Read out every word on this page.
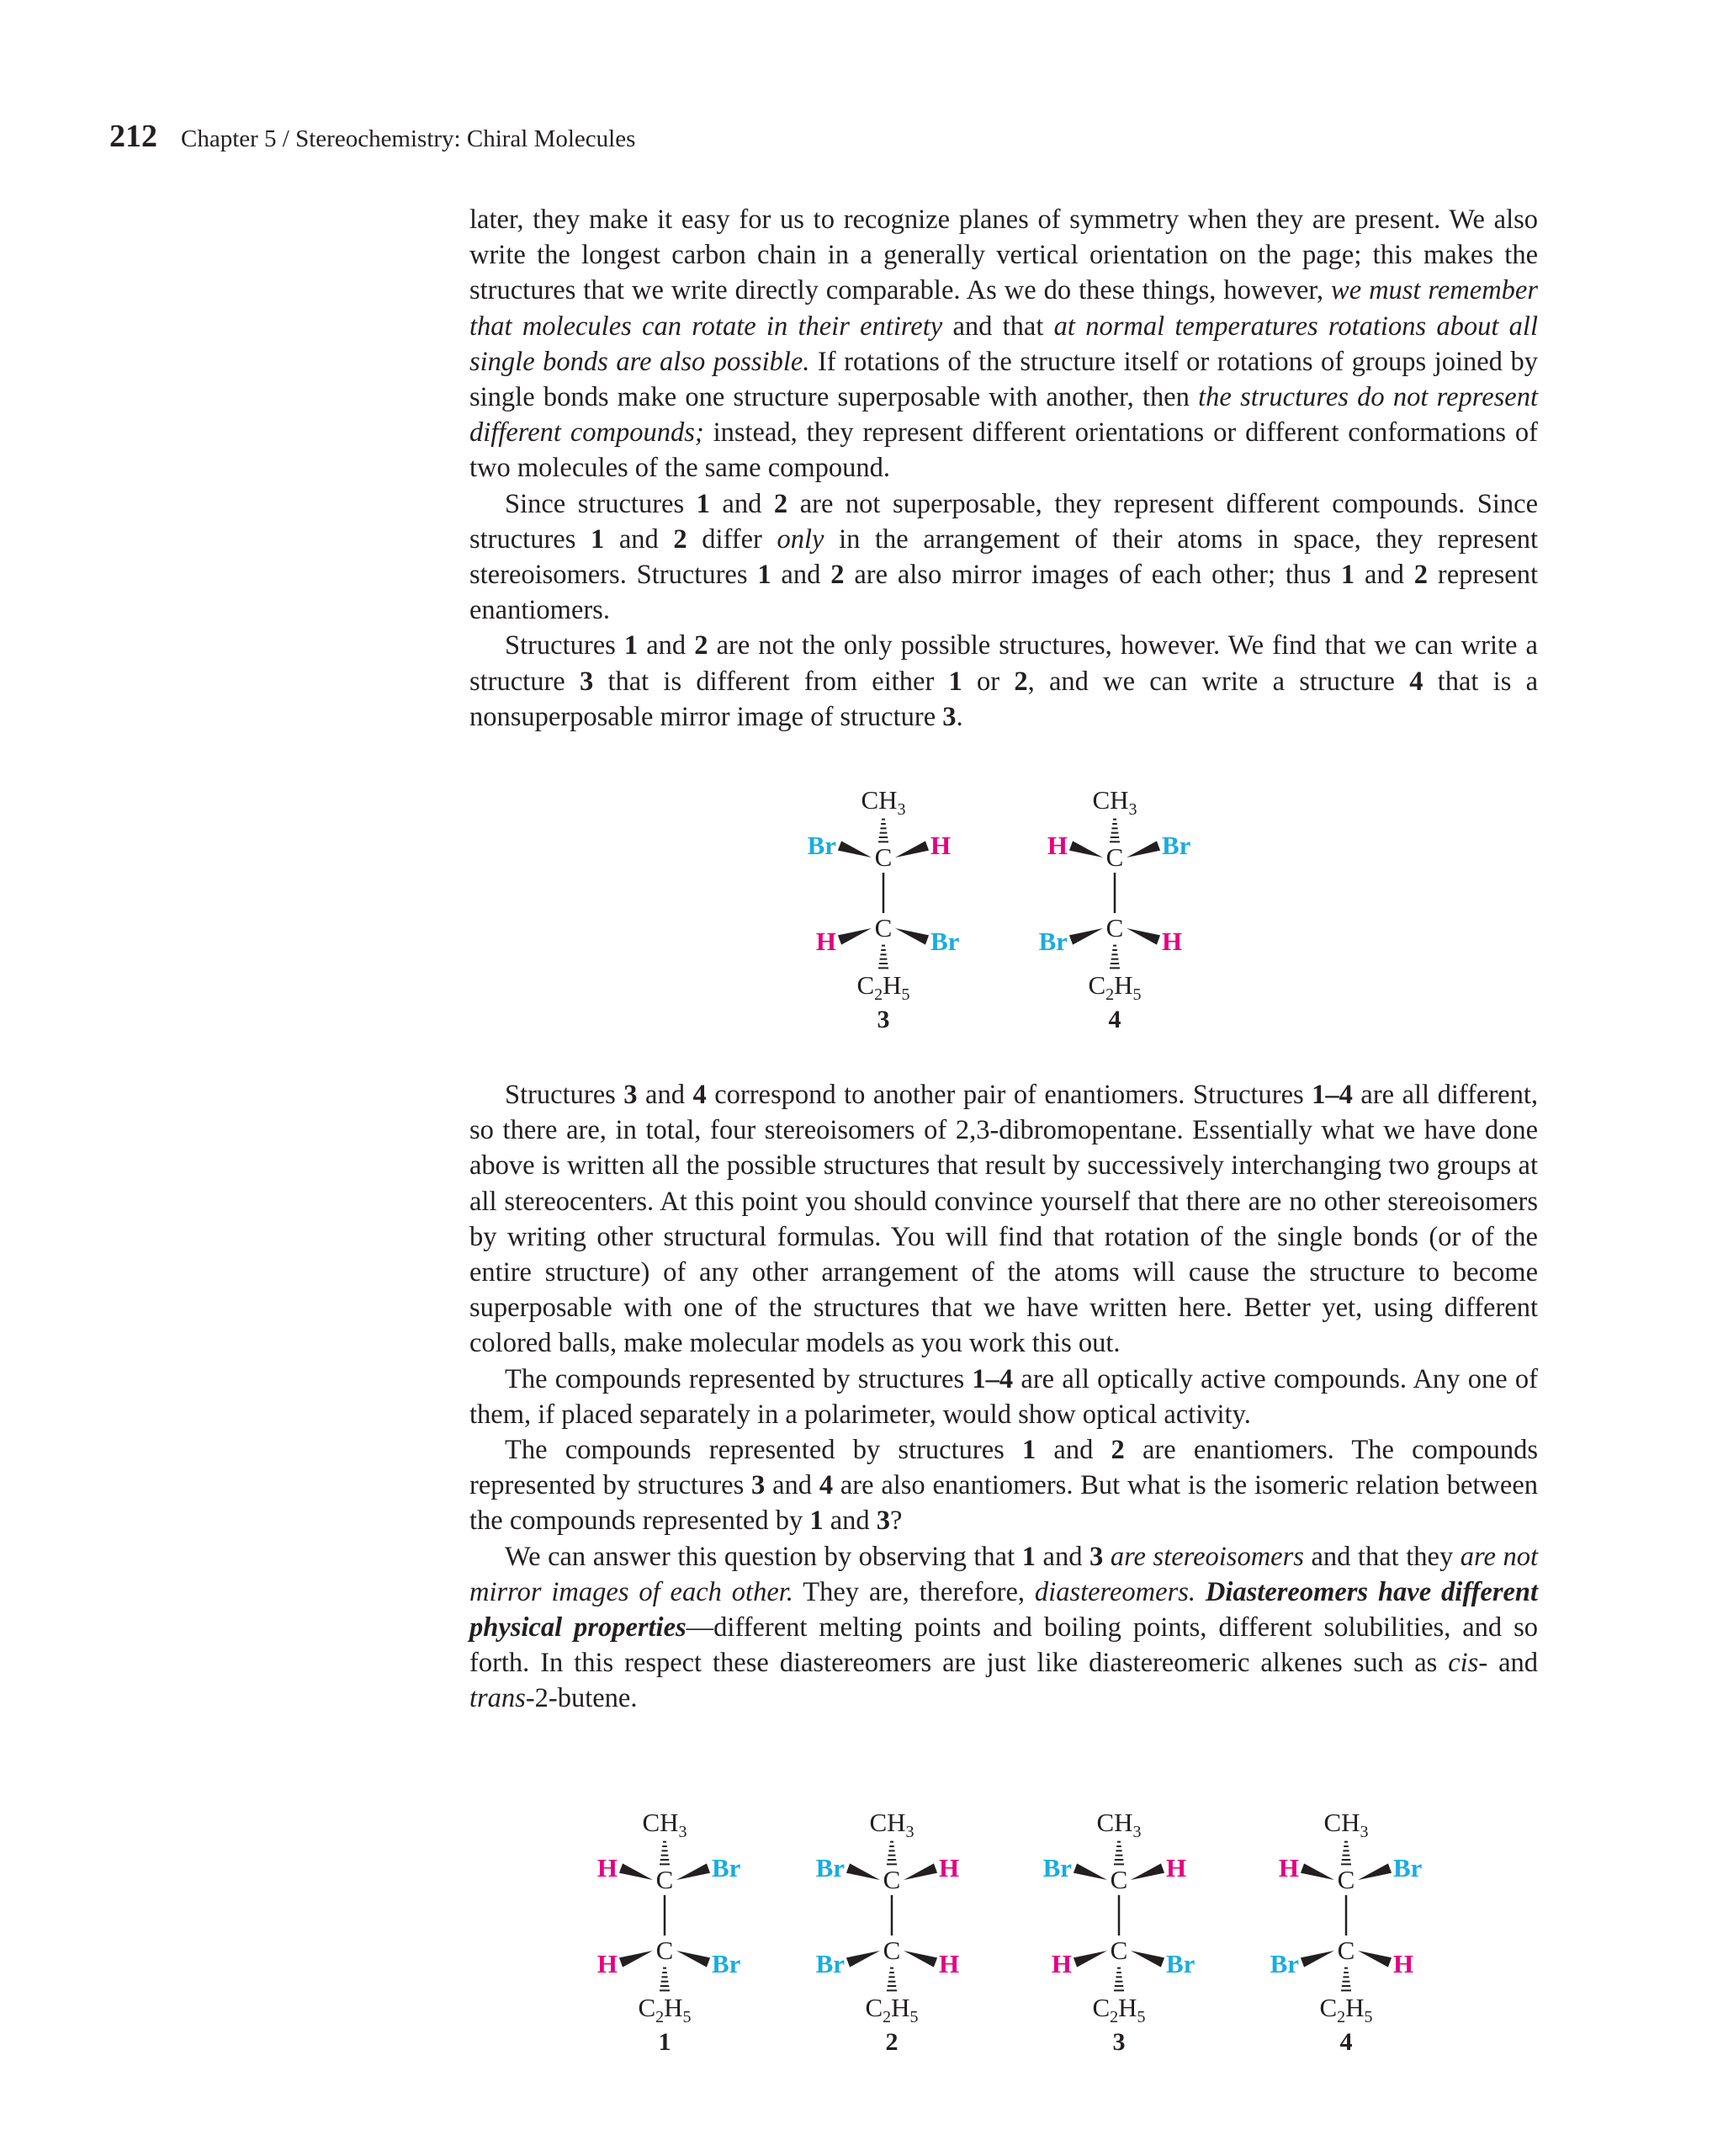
212 Chapter 5 / Stereochemistry: Chiral Molecules

later, they make it easy for us to recognize planes of symmetry when they are present. We also write the longest carbon chain in a generally vertical orientation on the page; this makes the structures that we write directly comparable. As we do these things, however, we must remember that molecules can rotate in their entirety and that at normal temperatures rotations about all single bonds are also possible. If rotations of the structure itself or rotations of groups joined by single bonds make one structure superposable with another, then the structures do not represent different compounds; instead, they represent different orientations or different conformations of two molecules of the same compound.

Since structures 1 and 2 are not superposable, they represent different compounds. Since structures 1 and 2 differ only in the arrangement of their atoms in space, they represent stereoisomers. Structures 1 and 2 are also mirror images of each other; thus 1 and 2 represent enantiomers.

Structures 1 and 2 are not the only possible structures, however. We find that we can write a structure 3 that is different from either 1 or 2, and we can write a structure 4 that is a nonsuperposable mirror image of structure 3.

$CH_3$
C
C
$C_2H_5$
Br	H
H	Br
3
$CH_3$
C
C
$C_2H_5$
H	Br
Br	H
4

Structures 3 and 4 correspond to another pair of enantiomers. Structures 1–4 are all different, so there are, in total, four stereoisomers of 2,3-dibromopentane. Essentially what we have done above is written all the possible structures that result by successively interchanging two groups at all stereocenters. At this point you should convince yourself that there are no other stereoisomers by writing other structural formulas. You will find that rotation of the single bonds (or of the entire structure) of any other arrangement of the atoms will cause the structure to become superposable with one of the structures that we have written here. Better yet, using different colored balls, make molecular models as you work this out.

The compounds represented by structures 1–4 are all optically active compounds. Any one of them, if placed separately in a polarimeter, would show optical activity.

The compounds represented by structures 1 and 2 are enantiomers. The compounds represented by structures 3 and 4 are also enantiomers. But what is the isomeric relation between the compounds represented by 1 and 3?

We can answer this question by observing that 1 and 3 are stereoisomers and that they are not mirror images of each other. They are, therefore, diastereomers. Diastereomers have different physical properties—different melting points and boiling points, different solubilities, and so forth. In this respect these diastereomers are just like diastereomeric alkenes such as cis- and trans-2-butene.

$CH_3$
C
C
$C_2H_5$
H	Br
H	Br
1
$CH_3$
C
C
$C_2H_5$
Br	H
Br	H
2
$CH_3$
C
C
$C_2H_5$
Br	H
H	Br
3
$CH_3$
C
C
$C_2H_5$
H	Br
Br	H
4
